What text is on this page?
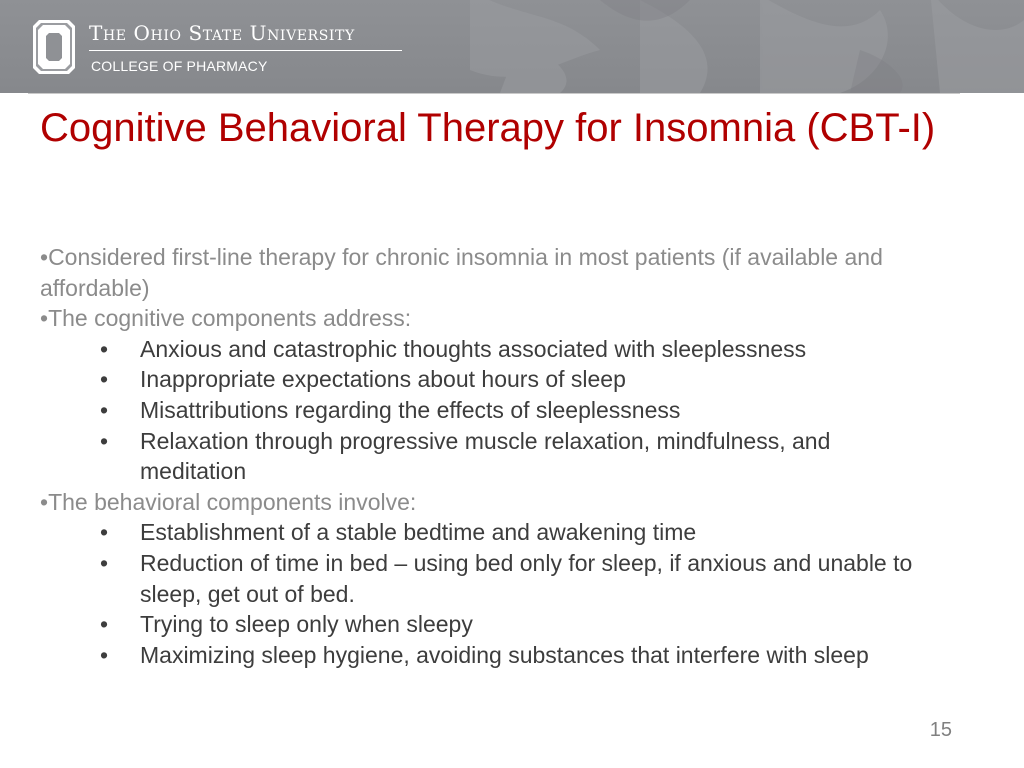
The Ohio State University
COLLEGE OF PHARMACY
Cognitive Behavioral Therapy for Insomnia (CBT-I)
•Considered first-line therapy for chronic insomnia in most patients (if available and affordable)
•The cognitive components address:
• Anxious and catastrophic thoughts associated with sleeplessness
• Inappropriate expectations about hours of sleep
• Misattributions regarding the effects of sleeplessness
• Relaxation through progressive muscle relaxation, mindfulness, and meditation
•The behavioral components involve:
• Establishment of a stable bedtime and awakening time
• Reduction of time in bed – using bed only for sleep, if anxious and unable to sleep, get out of bed.
• Trying to sleep only when sleepy
• Maximizing sleep hygiene, avoiding substances that interfere with sleep
15
